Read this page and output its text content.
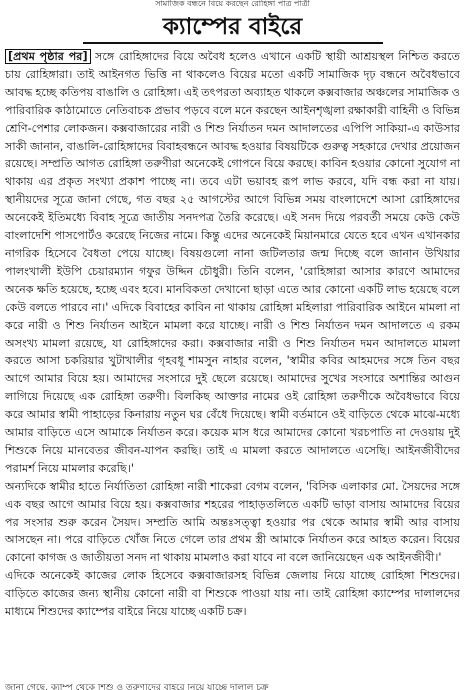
সামাজিক বন্ধনে বিয়ে করছেন রোহিঙ্গা পাত্র পাত্রী
ক্যাম্পের বাইরে
[প্রথম পৃষ্ঠার পর] সঙ্গে রোহিঙ্গাদের বিয়ে অবৈধ হলেও এখানে একটি স্থায়ী আশ্রয়স্থল নিশ্চিত করতে চায় রোহিঙ্গারা। তাই আইনগত ভিত্তি না থাকলেও বিয়ের মতো একটি সামাজিক দৃঢ় বন্ধনে অবৈধভাবে আবদ্ধ হচ্ছে কতিপয় বাঙালি ও রোহিঙ্গা। এই তৎপরতা অব্যাহত থাকলে কক্সবাজার অঞ্চলের সামাজিক ও পারিবারিক কাঠামোতে নেতিবাচক প্রভাব পড়বে বলে মনে করছেন আইনশৃঙ্খলা রক্ষাকারী বাহিনী ও বিভিন্ন শ্রেণি-পেশার লোকজন। কক্সবাজারের নারী ও শিশু নির্যাতন দমন আদালতের এপিপি সাকিয়া-এ কাউসার সাকী জানান, বাঙালি-রোহিঙ্গাদের বিবাহবন্ধনে আবদ্ধ হওয়ার বিষয়টিকে গুরুত্ব সহকারে দেখার প্রয়োজন রয়েছে। সম্প্রতি আগত রোহিঙ্গা তরুণীরা অনেকেই গোপনে বিয়ে করছে। কাবিন হওয়ার কোনো সুযোগ না থাকায় এর প্রকৃত সংখ্যা প্রকাশ পাচ্ছে না। তবে এটা ভয়াবহ রূপ লাভ করবে, যদি বন্ধ করা না যায়। স্থানীয়দের সূত্রে জানা গেছে, গত বছর ২৫ আগস্টের আগে বিভিন্ন সময় বাংলাদেশে আসা রোহিঙ্গাদের অনেকেই ইতিমধ্যে বিবাহ সূত্রে জাতীয় সনদপত্র তৈরি করেছে। এই সনদ দিয়ে পরবর্তী সময়ে কেউ কেউ বাংলাদেশি পাসপোর্টও করেছে নিজের নামে। কিন্তু এদের অনেকেই মিয়ানমারে যেতে হবে এখন এখানকার নাগরিক হিসেবে বৈধতা পেয়ে যাচ্ছে। বিষয়গুলো নানা জটিলতার জন্ম দিচ্ছে বলে জানান উখিয়ার পালংখালী ইউপি চেয়ারম্যান গফুর উদ্দিন চৌধুরী। তিনি বলেন, 'রোহিঙ্গারা আসার কারণে আমাদের অনেক ক্ষতি হয়েছে, হচ্ছে এবং হবে। মানবিকতা দেখানো ছাড়া এতে আর কোনো একটি লাভ হয়েছে বলে কেউ বলতে পারবে না।' এদিকে বিবাহের কাবিন না থাকায় রোহিঙ্গা মহিলারা পারিবারিক আইনে মামলা না করে নারী ও শিশু নির্যাতন আইনে মামলা করে যাচ্ছে। নারী ও শিশু নির্যাতন দমন আদালতে এ রকম অসংখ্য মামলা রয়েছে, যা রোহিঙ্গাদের করা। কক্সবাজার নারী ও শিশু নির্যাতন দমন আদালতে মামলা করতে আসা চকরিয়ার খুটাখালীর গৃহবধূ শামসুন নাহার বলেন, 'স্বামীর কবির আহমদের সঙ্গে তিন বছর আগে আমার বিয়ে হয়। আমাদের সংসারে দুই ছেলে রয়েছে। আমাদের সুখের সংসারে অশান্তির আগুন লাগিয়ে দিয়েছে এক রোহিঙ্গা তরুণী। বিলকিছ আক্তার নামের ওই রোহিঙ্গা তরুণীকে অবৈধভাবে বিয়ে করে আমার স্বামী পাহাড়ের কিনারায় নতুন ঘর বেঁধে দিয়েছে। স্বামী বর্তমানে ওই বাড়িতে থেকে মাঝে-মধ্যে আমার বাড়িতে এসে আমাকে নির্যাতন করে। কয়েক মাস ধরে আমাদের কোনো খরচপাতি না দেওয়ায় দুই শিশুকে নিয়ে মানবেতর জীবন-যাপন করছি। তাই এ মামলা করতে আদালতে এসেছি। আইনজীবীদের পরামর্শ নিয়ে মামলার করেছি।'
অন্যদিকে স্বামীর হাতে নির্যাতিতা রোহিঙ্গা নারী শাকেরা বেগম বলেন, 'বিসিক এলাকার মো. সৈয়দের সঙ্গে এক বছর আগে আমার বিয়ে হয়। কক্সবাজার শহরের পাহাড়তলিতে একটি ভাড়া বাসায় আমাদের বিয়ের পর সংসার শুরু করেন সৈয়দ। সম্প্রতি আমি অন্তঃসত্ত্বা হওয়ার পর থেকে আমার স্বামী আর বাসায় আসছেন না। পরে বাড়িতে খোঁজ নিতে গেলে তার প্রথম স্ত্রী আমাকে নির্যাতন করে আহত করেন। বিয়ের কোনো কাগজ ও জাতীয়তা সনদ না থাকায় মামলাও করা যাবে না বলে জানিয়েছেন এক আইনজীবী।'
এদিকে অনেকেই কাজের লোক হিসেবে কক্সবাজারসহ বিভিন্ন জেলায় নিয়ে যাচ্ছে রোহিঙ্গা শিশুদের। বাড়িতে কাজের জন্য স্থানীয় কোনো নারী বা শিশুকে পাওয়া যায় না। তাই রোহিঙ্গা ক্যাম্পের দালালদের মাধ্যমে শিশুদের ক্যাম্পের বাইরে নিয়ে যাচ্ছে একটি চক্র।
জানা গেছে, ক্যাম্প থেকে শিশু ও তরুণীদের বাইরে নিয়ে যাচ্ছে দালাল চক্র
